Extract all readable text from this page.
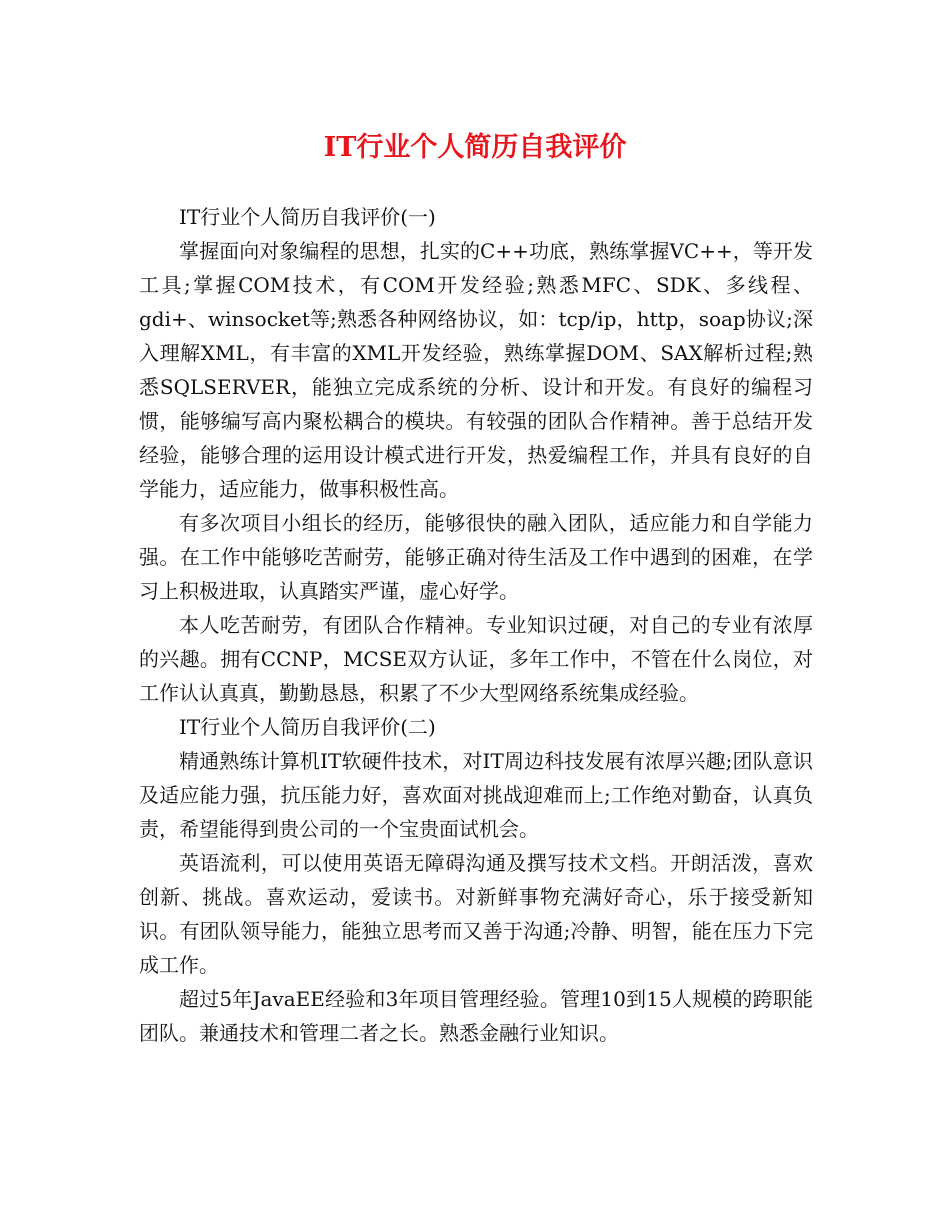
IT行业个人简历自我评价

IT行业个人简历自我评价(一)

掌握面向对象编程的思想，扎实的C++功底，熟练掌握VC++，等开发工具;掌握COM技术，有COM开发经验;熟悉MFC、SDK、多线程、gdi+、winsocket等;熟悉各种网络协议，如：tcp/ip，http，soap协议;深入理解XML，有丰富的XML开发经验，熟练掌握DOM、SAX解析过程;熟悉SQLSERVER，能独立完成系统的分析、设计和开发。有良好的编程习惯，能够编写高内聚松耦合的模块。有较强的团队合作精神。善于总结开发经验，能够合理的运用设计模式进行开发，热爱编程工作，并具有良好的自学能力，适应能力，做事积极性高。

有多次项目小组长的经历，能够很快的融入团队，适应能力和自学能力强。在工作中能够吃苦耐劳，能够正确对待生活及工作中遇到的困难，在学习上积极进取，认真踏实严谨，虚心好学。

本人吃苦耐劳，有团队合作精神。专业知识过硬，对自己的专业有浓厚的兴趣。拥有CCNP，MCSE双方认证，多年工作中，不管在什么岗位，对工作认认真真，勤勤恳恳，积累了不少大型网络系统集成经验。

IT行业个人简历自我评价(二)

精通熟练计算机IT软硬件技术，对IT周边科技发展有浓厚兴趣;团队意识及适应能力强，抗压能力好，喜欢面对挑战迎难而上;工作绝对勤奋，认真负责，希望能得到贵公司的一个宝贵面试机会。

英语流利，可以使用英语无障碍沟通及撰写技术文档。开朗活泼，喜欢创新、挑战。喜欢运动，爱读书。对新鲜事物充满好奇心，乐于接受新知识。有团队领导能力，能独立思考而又善于沟通;冷静、明智，能在压力下完成工作。

超过5年JavaEE经验和3年项目管理经验。管理10到15人规模的跨职能团队。兼通技术和管理二者之长。熟悉金融行业知识。
